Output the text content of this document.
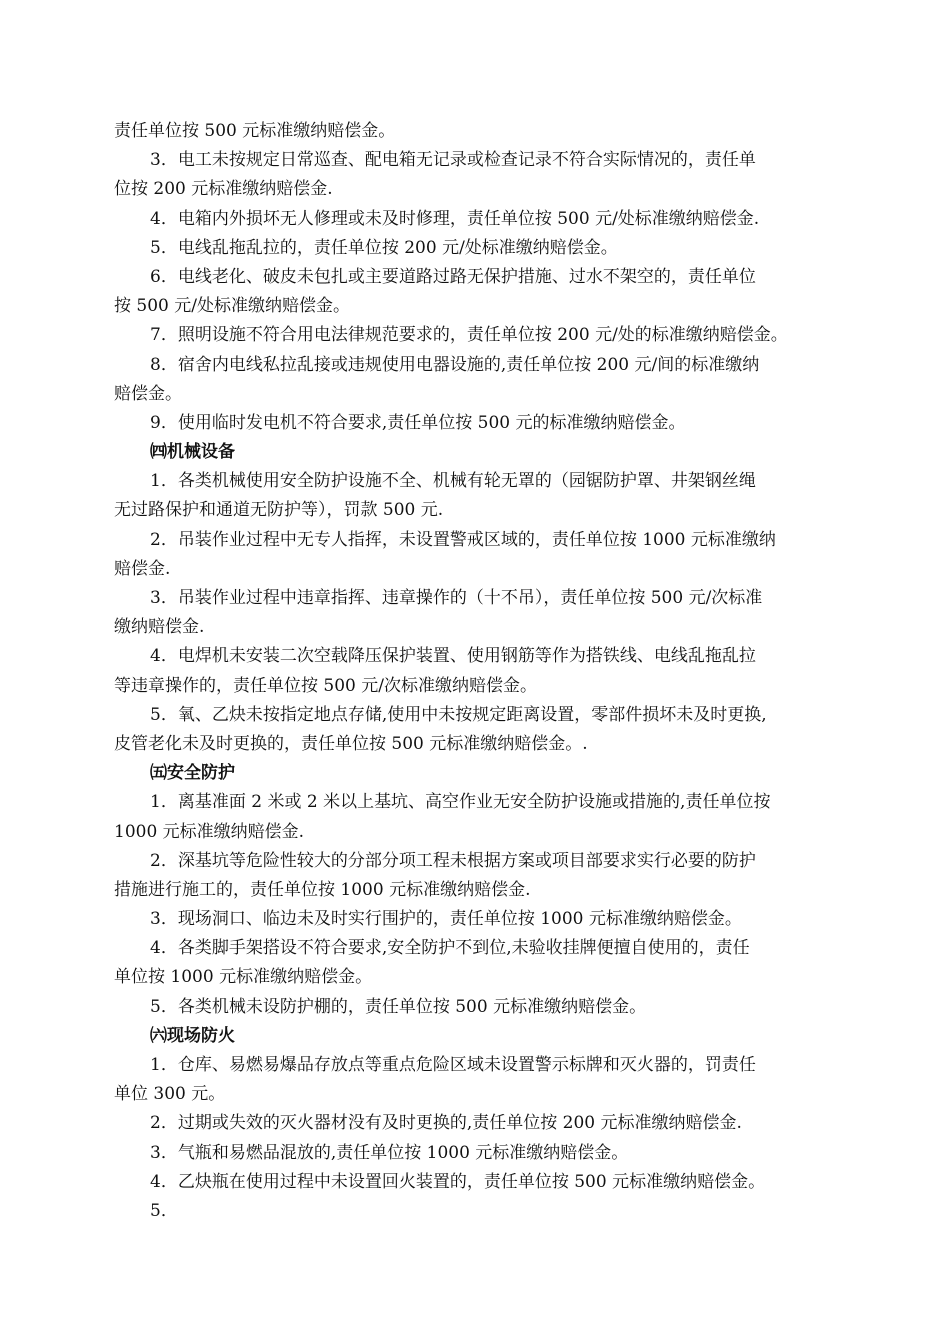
责任单位按 500 元标准缴纳赔偿金。
3．电工未按规定日常巡查、配电箱无记录或检查记录不符合实际情况的，责任单
位按 200 元标准缴纳赔偿金.
4．电箱内外损坏无人修理或未及时修理，责任单位按 500 元/处标准缴纳赔偿金.
5．电线乱拖乱拉的，责任单位按 200 元/处标准缴纳赔偿金。
6．电线老化、破皮未包扎或主要道路过路无保护措施、过水不架空的，责任单位
按 500 元/处标准缴纳赔偿金。
7．照明设施不符合用电法律规范要求的，责任单位按 200 元/处的标准缴纳赔偿金。
8．宿舍内电线私拉乱接或违规使用电器设施的,责任单位按 200 元/间的标准缴纳
赔偿金。
9．使用临时发电机不符合要求,责任单位按 500 元的标准缴纳赔偿金。
㈣机械设备
1．各类机械使用安全防护设施不全、机械有轮无罩的（园锯防护罩、井架钢丝绳
无过路保护和通道无防护等），罚款 500 元.
2．吊装作业过程中无专人指挥，未设置警戒区域的，责任单位按 1000 元标准缴纳
赔偿金.
3．吊装作业过程中违章指挥、违章操作的（十不吊），责任单位按 500 元/次标准
缴纳赔偿金.
4．电焊机未安装二次空载降压保护装置、使用钢筋等作为搭铁线、电线乱拖乱拉
等违章操作的，责任单位按 500 元/次标准缴纳赔偿金。
5．氧、乙炔未按指定地点存储,使用中未按规定距离设置，零部件损坏未及时更换,
皮管老化未及时更换的，责任单位按 500 元标准缴纳赔偿金。.
㈤安全防护
1．离基准面 2 米或 2 米以上基坑、高空作业无安全防护设施或措施的,责任单位按
1000 元标准缴纳赔偿金.
2．深基坑等危险性较大的分部分项工程未根据方案或项目部要求实行必要的防护
措施进行施工的，责任单位按 1000 元标准缴纳赔偿金.
3．现场洞口、临边未及时实行围护的，责任单位按 1000 元标准缴纳赔偿金。
4．各类脚手架搭设不符合要求,安全防护不到位,未验收挂牌便擅自使用的，责任
单位按 1000 元标准缴纳赔偿金。
5．各类机械未设防护棚的，责任单位按 500 元标准缴纳赔偿金。
㈥现场防火
1．仓库、易燃易爆品存放点等重点危险区域未设置警示标牌和灭火器的，罚责任
单位 300 元。
2．过期或失效的灭火器材没有及时更换的,责任单位按 200 元标准缴纳赔偿金.
3．气瓶和易燃品混放的,责任单位按 1000 元标准缴纳赔偿金。
4．乙炔瓶在使用过程中未设置回火装置的，责任单位按 500 元标准缴纳赔偿金。
5．
